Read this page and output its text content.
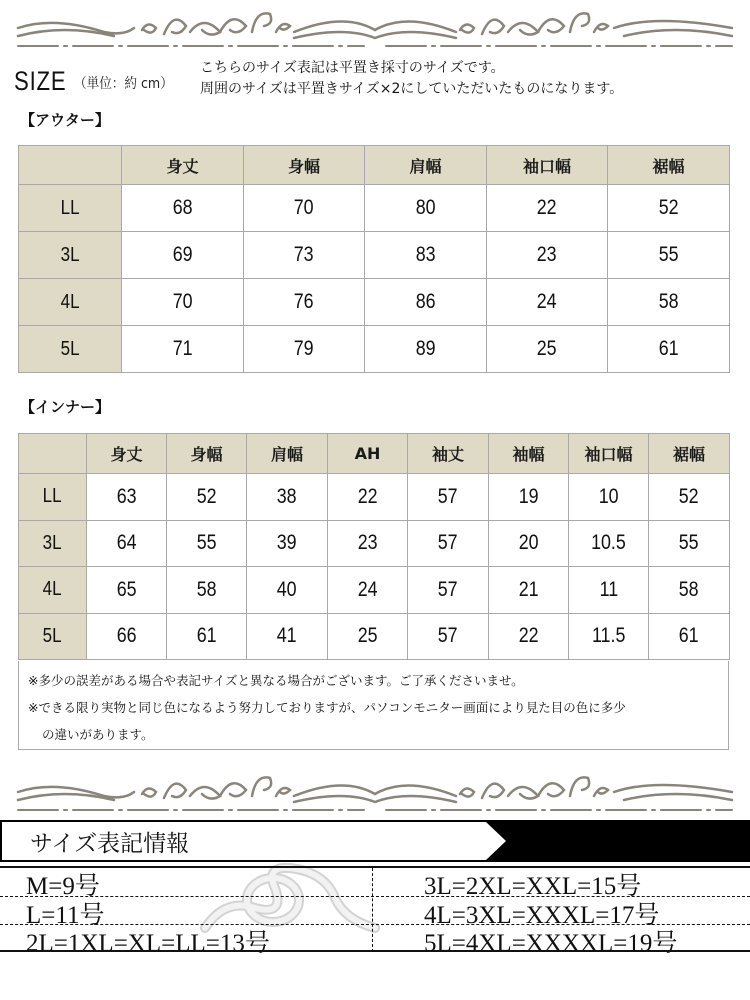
SIZE （単位：約 cm）
こちらのサイズ表記は平置き採寸のサイズです。
周囲のサイズは平置きサイズ×2にしていただいたものになります。
【アウター】
	身丈	身幅	肩幅	袖口幅	裾幅
LL	68	70	80	22	52
3L	69	73	83	23	55
4L	70	76	86	24	58
5L	71	79	89	25	61
【インナー】
	身丈	身幅	肩幅	AH	袖丈	袖幅	袖口幅	裾幅
LL	63	52	38	22	57	19	10	52
3L	64	55	39	23	57	20	10.5	55
4L	65	58	40	24	57	21	11	58
5L	66	61	41	25	57	22	11.5	61
※多少の誤差がある場合や表記サイズと異なる場合がございます。ご了承くださいませ。
※できる限り実物と同じ色になるよう努力しておりますが、パソコンモニター画面により見た目の色に多少
の違いがあります。
サイズ表記情報
M=9号	3L=2XL=XXL=15号
L=11号	4L=3XL=XXXL=17号
2L=1XL=XL=LL=13号	5L=4XL=XXXXL=19号
